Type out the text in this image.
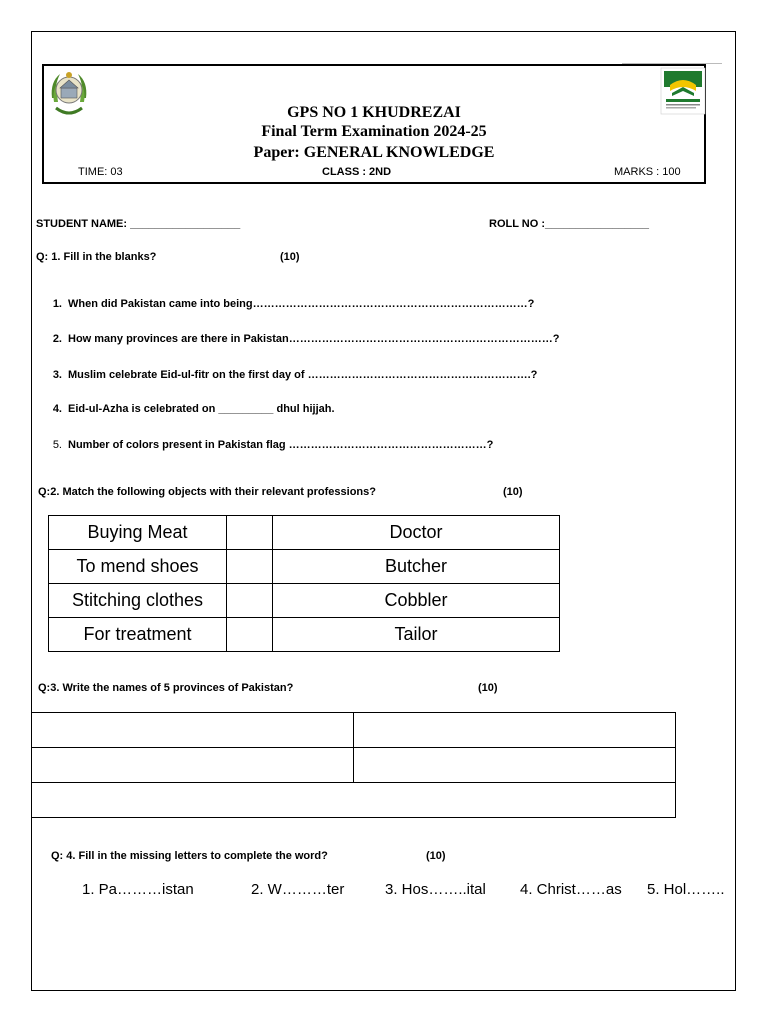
GPS NO 1 KHUDREZAI
Final Term Examination 2024-25
Paper: GENERAL KNOWLEDGE
TIME: 03	CLASS : 2ND	MARKS : 100
STUDENT NAME: __________________	ROLL NO :_________________
Q: 1. Fill in the blanks?	(10)
1. When did Pakistan came into being…………………………………………………………………?
2. How many provinces are there in Pakistan………………………………………………………………?
3. Muslim celebrate Eid-ul-fitr on the first day of …………………………………………………….?
4. Eid-ul-Azha is celebrated on _________ dhul hijjah.
5. Number of colors present in Pakistan flag ………………………………………………?
Q:2. Match the following objects with their relevant professions?	(10)
Buying Meat		Doctor
To mend shoes		Butcher
Stitching clothes		Cobbler
For treatment		Tailor
Q:3. Write the names of 5 provinces of Pakistan?	(10)

Q: 4. Fill in the missing letters to complete the word?	(10)
1. Pa………istan	2. W………ter	3. Hos……..ital 4. Christ……as 5. Hol……..
